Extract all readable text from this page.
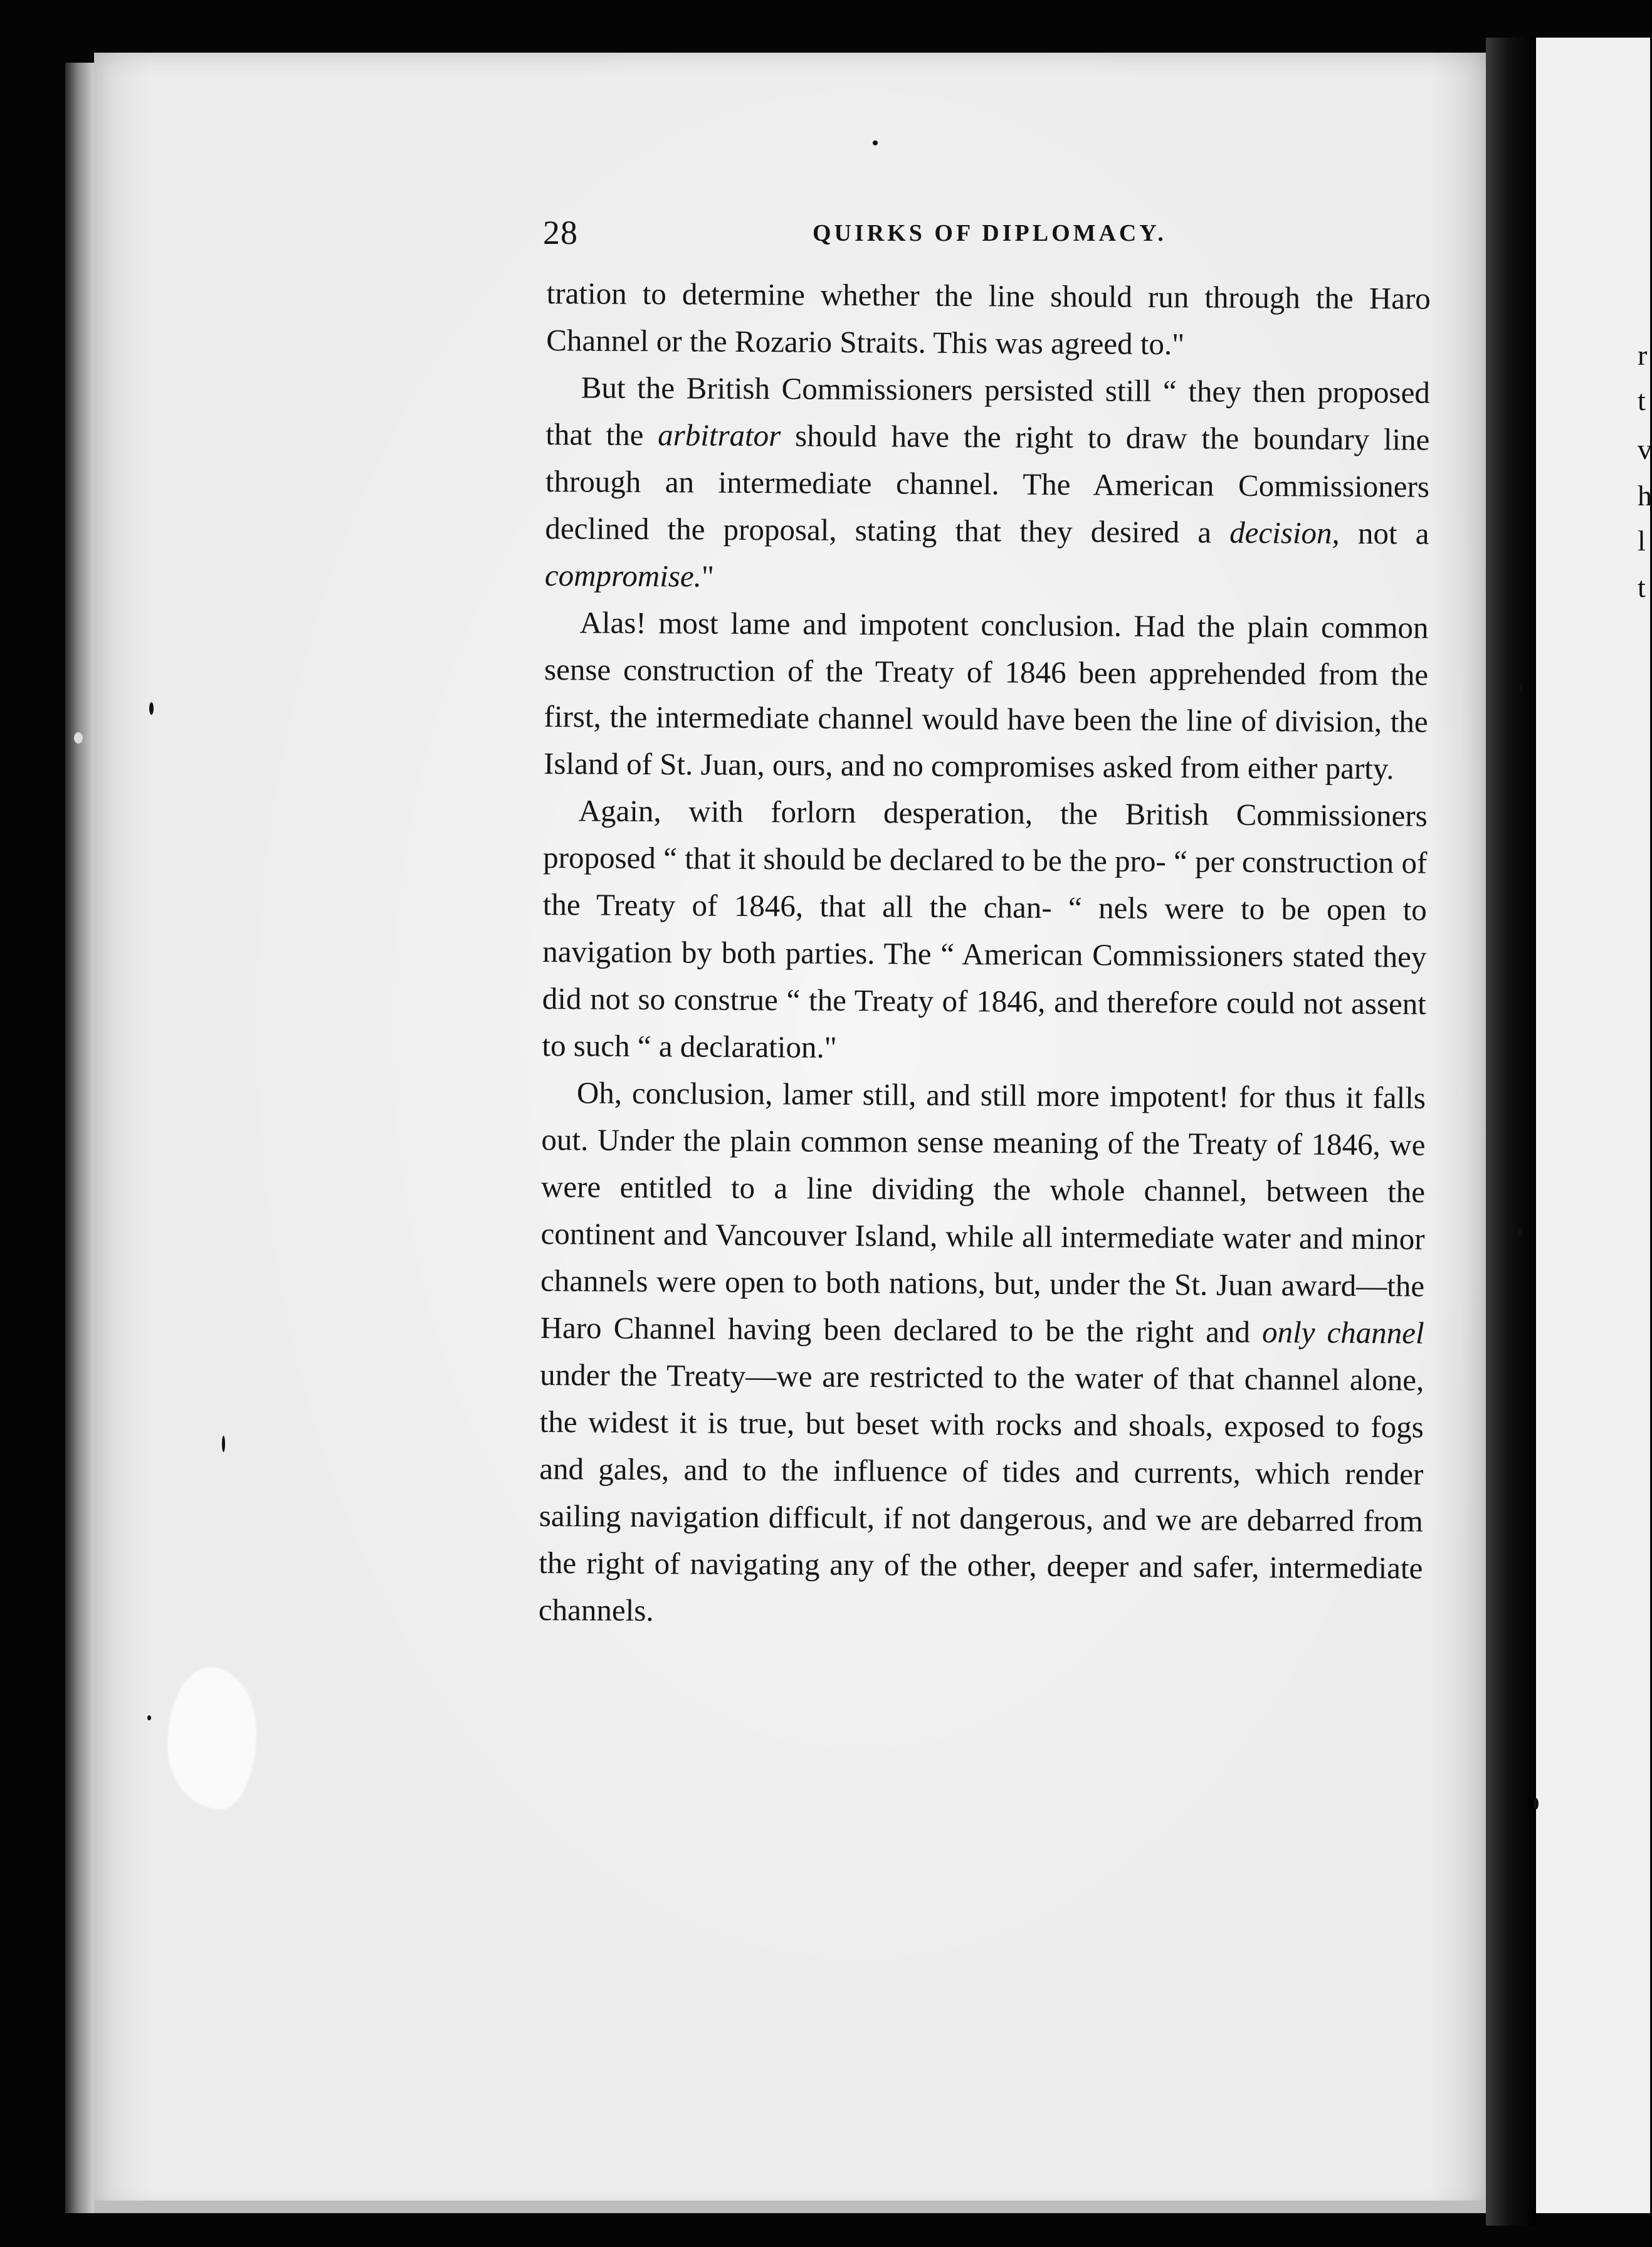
r
t
v
h
l
t
28	QUIRKS OF DIPLOMACY.

tration to determine whether the line should run through the Haro Channel or the Rozario Straits. This was agreed to."

But the British Commissioners persisted still “ they then proposed that the arbitrator should have the right to draw the boundary line through an intermediate channel. The American Commissioners declined the proposal, stating that they desired a decision, not a compromise."

Alas! most lame and impotent conclusion. Had the plain common sense construction of the Treaty of 1846 been apprehended from the first, the intermediate channel would have been the line of division, the Island of St. Juan, ours, and no compromises asked from either party.

Again, with forlorn desperation, the British Commissioners proposed “ that it should be declared to be the pro- “ per construction of the Treaty of 1846, that all the chan- “ nels were to be open to navigation by both parties. The “ American Commissioners stated they did not so construe “ the Treaty of 1846, and therefore could not assent to such “ a declaration."

Oh, conclusion, lamer still, and still more impotent! for thus it falls out. Under the plain common sense meaning of the Treaty of 1846, we were entitled to a line dividing the whole channel, between the continent and Vancouver Island, while all intermediate water and minor channels were open to both nations, but, under the St. Juan award—the Haro Channel having been declared to be the right and only channel under the Treaty—we are restricted to the water of that channel alone, the widest it is true, but beset with rocks and shoals, exposed to fogs and gales, and to the influence of tides and currents, which render sailing navigation difficult, if not dangerous, and we are debarred from the right of navigating any of the other, deeper and safer, intermediate channels.
